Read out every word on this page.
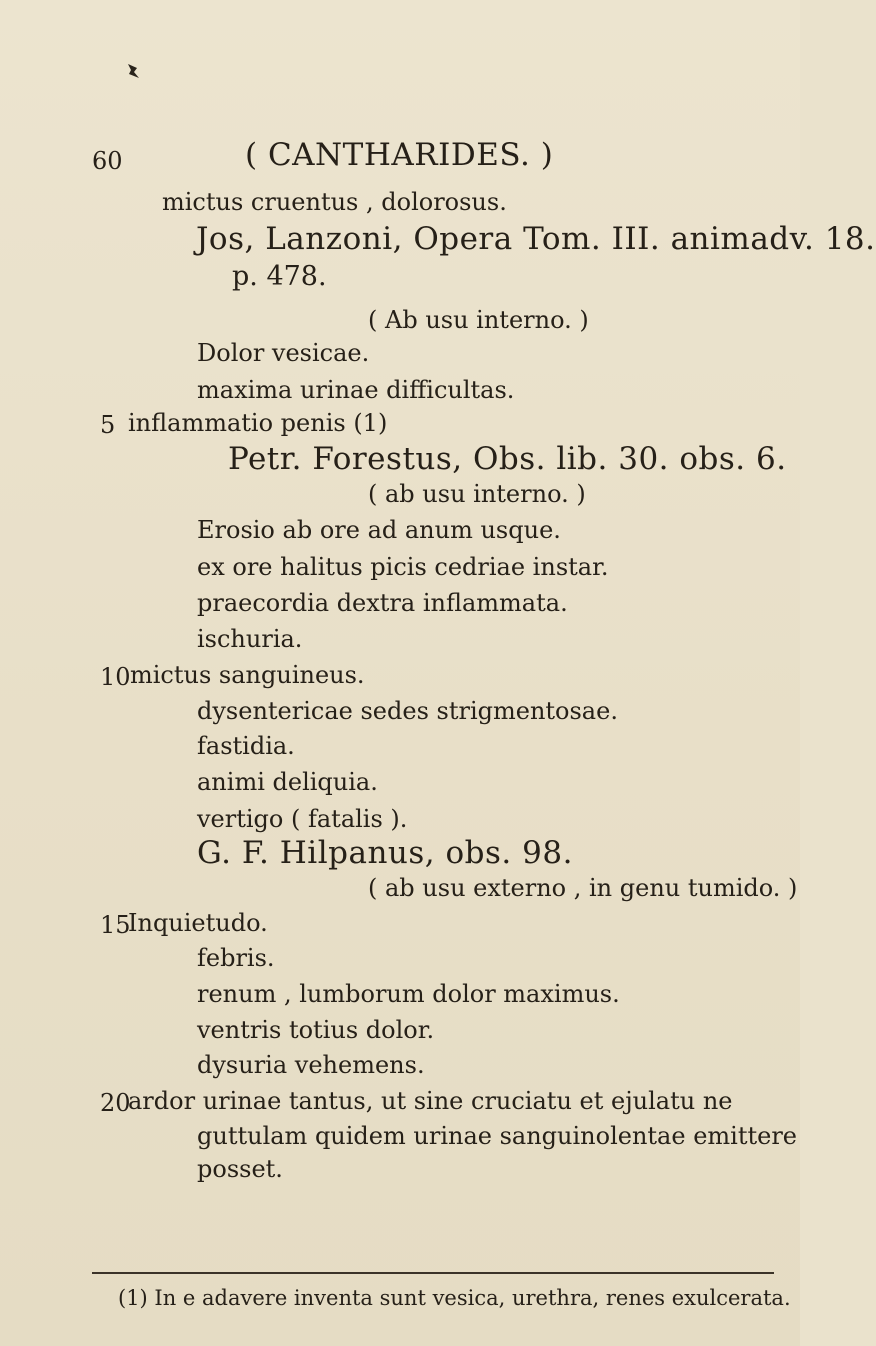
60	( CANTHARIDES. )
mictus cruentus , dolorosus.
Jos, Lanzoni, Opera Tom. III. animadv. 18.
p. 478.
( Ab usu interno. )
Dolor vesicae.
maxima urinae difficultas.
5 inflammatio penis (1)
Petr. Forestus, Obs. lib. 30. obs. 6.
( ab usu interno. )
Erosio ab ore ad anum usque.
ex ore halitus picis cedriae instar.
praecordia dextra inflammata.
ischuria.
10 mictus sanguineus.
dysentericae sedes strigmentosae.
fastidia.
animi deliquia.
vertigo ( fatalis ).
G. F. Hilpanus, obs. 98.
( ab usu externo , in genu tumido. )
15
Inquietudo.
febris.
renum , lumborum dolor maximus.
ventris totius dolor.
dysuria vehemens.
20
ardor urinae tantus, ut sine cruciatu et ejulatu ne
guttulam quidem urinae sanguinolentae emittere
posset.
(1) In e adavere inventa sunt vesica, urethra, renes exulcerata.
